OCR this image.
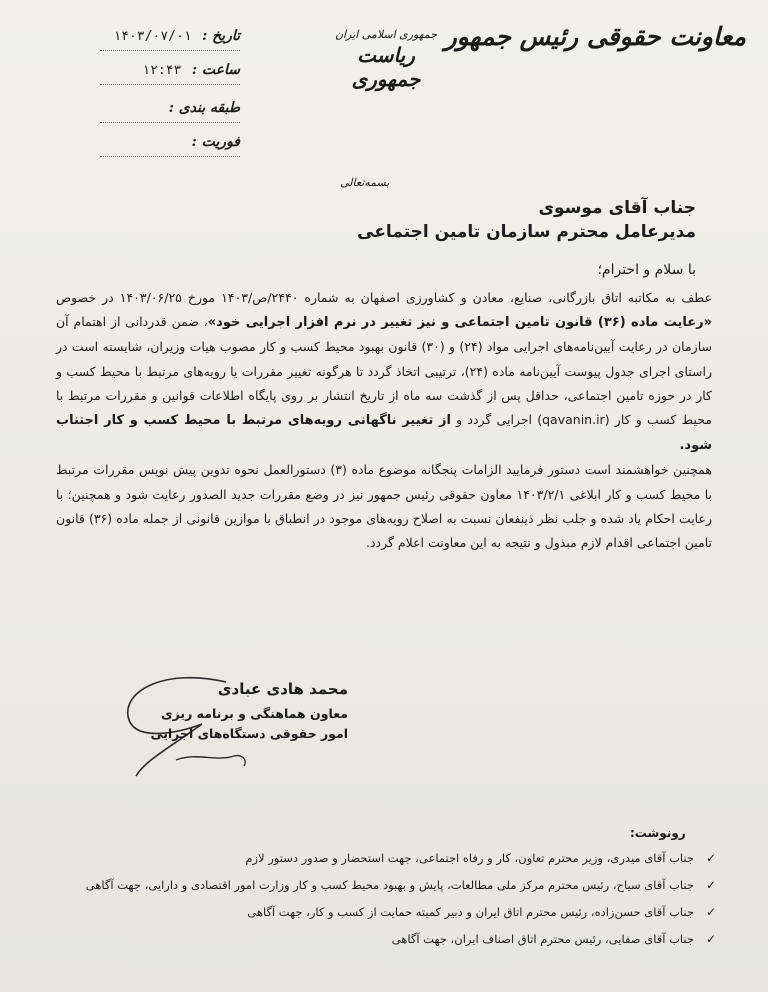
معاونت حقوقی رئیس جمهور
جمهوری اسلامی ایران
ریاست جمهوری
تاریخ : ۱۴۰۳/۰۷/۰۱
ساعت : ۱۲:۴۳
طبقه بندی :
فوریت :
بسمه‌تعالی
جناب آقای موسوی
مدیرعامل محترم سازمان تامین اجتماعی
با سلام و احترام؛

عطف به مکاتبه اتاق بازرگانی، صنایع، معادن و کشاورزی اصفهان به شماره ۲۴۴۰/ص/۱۴۰۳ مورخ ۱۴۰۳/۰۶/۲۵ در خصوص «رعایت ماده (۳۶) قانون تامین اجتماعی و نیز تغییر در نرم افزار اجرایی خود»، ضمن قدردانی از اهتمام آن سازمان در رعایت آیین‌نامه‌های اجرایی مواد (۲۴) و (۳۰) قانون بهبود محیط کسب و کار مصوب هیات وزیران، شایسته است در راستای اجرای جدول پیوست آیین‌نامه ماده (۲۴)، ترتیبی اتخاذ گردد تا هرگونه تغییر مقررات یا رویه‌های مرتبط با محیط کسب و کار در حوزه تامین اجتماعی، حداقل پس از گذشت سه ماه از تاریخ انتشار بر روی پایگاه اطلاعات قوانین و مقررات مرتبط با محیط کسب و کار (qavanin.ir) اجرایی گردد و از تغییر ناگهانی رویه‌های مرتبط با محیط کسب و کار اجتناب شود.

همچنین خواهشمند است دستور فرمایید الزامات پنجگانه موضوع ماده (۳) دستورالعمل نحوه تدوین پیش نویس مقررات مرتبط با محیط کسب و کار ابلاغی ۱۴۰۳/۲/۱ معاون حقوقی رئیس جمهور نیز در وضع مقررات جدید الصدور رعایت شود و همچنین؛ با رعایت احکام یاد شده و جلب نظر ذینفعان نسبت به اصلاح رویه‌های موجود در انطباق با موازین قانونی از جمله ماده (۳۶) قانون تامین اجتماعی اقدام لازم مبذول و نتیجه به این معاونت اعلام گردد.

محمد هادی عبادی
معاون هماهنگی و برنامه ریزی
امور حقوقی دستگاه‌های اجرایی
رونوشت:
✓
جناب آقای میدری، وزیر محترم تعاون، کار و رفاه اجتماعی، جهت استحضار و صدور دستور لازم
✓
جناب آقای سیاح، رئیس محترم مرکز ملی مطالعات، پایش و بهبود محیط کسب و کار وزارت امور اقتصادی و دارایی، جهت آگاهی
✓
جناب آقای حسن‌زاده، رئیس محترم اتاق ایران و دبیر کمیته حمایت از کسب و کار، جهت آگاهی
✓
جناب آقای صفایی، رئیس محترم اتاق اصناف ایران، جهت آگاهی
